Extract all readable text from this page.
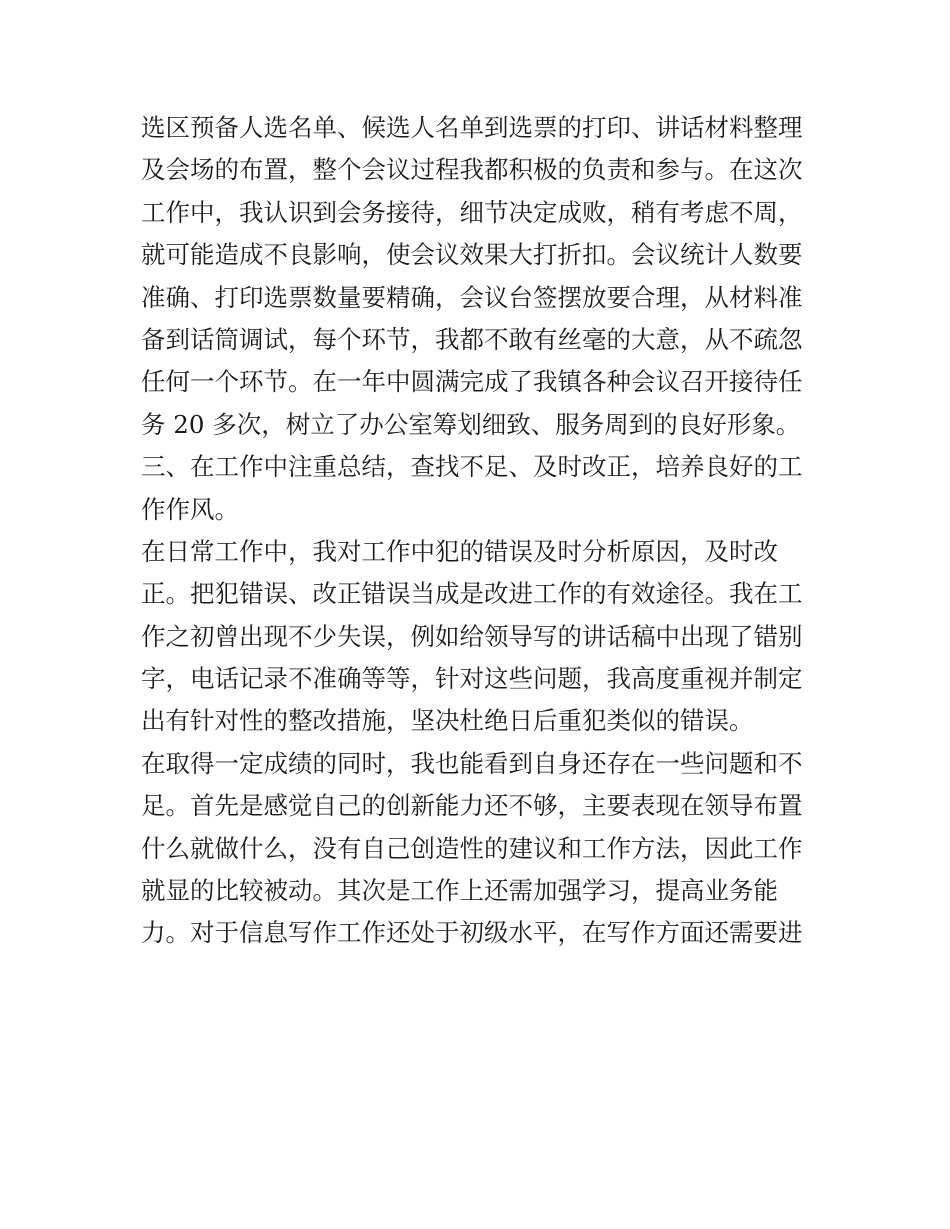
选区预备人选名单、候选人名单到选票的打印、讲话材料整理
及会场的布置，整个会议过程我都积极的负责和参与。在这次
工作中，我认识到会务接待，细节决定成败，稍有考虑不周，
就可能造成不良影响，使会议效果大打折扣。会议统计人数要
准确、打印选票数量要精确，会议台签摆放要合理，从材料准
备到话筒调试，每个环节，我都不敢有丝毫的大意，从不疏忽
任何一个环节。在一年中圆满完成了我镇各种会议召开接待任
务 20 多次，树立了办公室筹划细致、服务周到的良好形象。
三、在工作中注重总结，查找不足、及时改正，培养良好的工
作作风。
在日常工作中，我对工作中犯的错误及时分析原因，及时改
正。把犯错误、改正错误当成是改进工作的有效途径。我在工
作之初曾出现不少失误，例如给领导写的讲话稿中出现了错别
字，电话记录不准确等等，针对这些问题，我高度重视并制定
出有针对性的整改措施，坚决杜绝日后重犯类似的错误。
在取得一定成绩的同时，我也能看到自身还存在一些问题和不
足。首先是感觉自己的创新能力还不够，主要表现在领导布置
什么就做什么，没有自己创造性的建议和工作方法，因此工作
就显的比较被动。其次是工作上还需加强学习，提高业务能
力。对于信息写作工作还处于初级水平，在写作方面还需要进
